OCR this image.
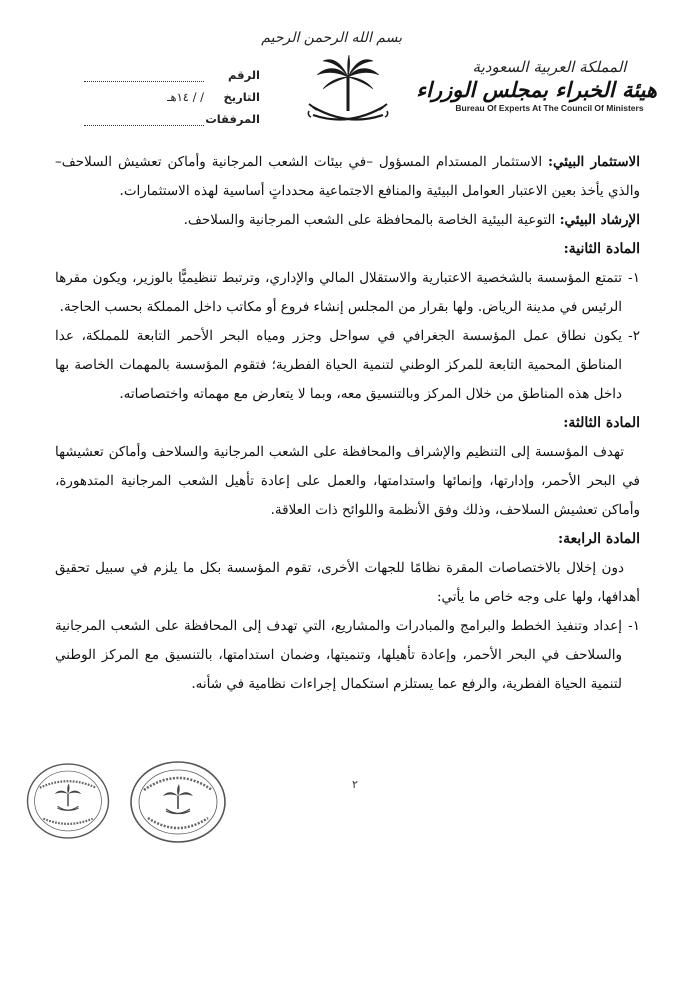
بسم الله الرحمن الرحيم
المملكة العربية السعودية
هيئة الخبراء بمجلس الوزراء
Bureau Of Experts At The Council Of Ministers
الرقم
التاريخ
/ / ١٤هـ
المرفقات

الاستثمار البيئي: الاستثمار المستدام المسؤول –في بيئات الشعب المرجانية وأماكن تعشيش السلاحف– والذي يأخذ بعين الاعتبار العوامل البيئية والمنافع الاجتماعية محدداتٍ أساسية لهذه الاستثمارات.

الإرشاد البيئي: التوعية البيئية الخاصة بالمحافظة على الشعب المرجانية والسلاحف.

المادة الثانية:

١-
تتمتع المؤسسة بالشخصية الاعتبارية والاستقلال المالي والإداري، وترتبط تنظيميًّا بالوزير، ويكون مقرها الرئيس في مدينة الرياض. ولها بقرار من المجلس إنشاء فروع أو مكاتب داخل المملكة بحسب الحاجة.

٢-
يكون نطاق عمل المؤسسة الجغرافي في سواحل وجزر ومياه البحر الأحمر التابعة للمملكة، عدا المناطق المحمية التابعة للمركز الوطني لتنمية الحياة الفطرية؛ فتقوم المؤسسة بالمهمات الخاصة بها داخل هذه المناطق من خلال المركز وبالتنسيق معه، وبما لا يتعارض مع مهماته واختصاصاته.

المادة الثالثة:

تهدف المؤسسة إلى التنظيم والإشراف والمحافظة على الشعب المرجانية والسلاحف وأماكن تعشيشها في البحر الأحمر، وإدارتها، وإنمائها واستدامتها، والعمل على إعادة تأهيل الشعب المرجانية المتدهورة، وأماكن تعشيش السلاحف، وذلك وفق الأنظمة واللوائح ذات العلاقة.

المادة الرابعة:

دون إخلال بالاختصاصات المقرة نظامًا للجهات الأخرى، تقوم المؤسسة بكل ما يلزم في سبيل تحقيق أهدافها، ولها على وجه خاص ما يأتي:

١-
إعداد وتنفيذ الخطط والبرامج والمبادرات والمشاريع، التي تهدف إلى المحافظة على الشعب المرجانية والسلاحف في البحر الأحمر، وإعادة تأهيلها، وتنميتها، وضمان استدامتها، بالتنسيق مع المركز الوطني لتنمية الحياة الفطرية، والرفع عما يستلزم استكمال إجراءات نظامية في شأنه.

٢
